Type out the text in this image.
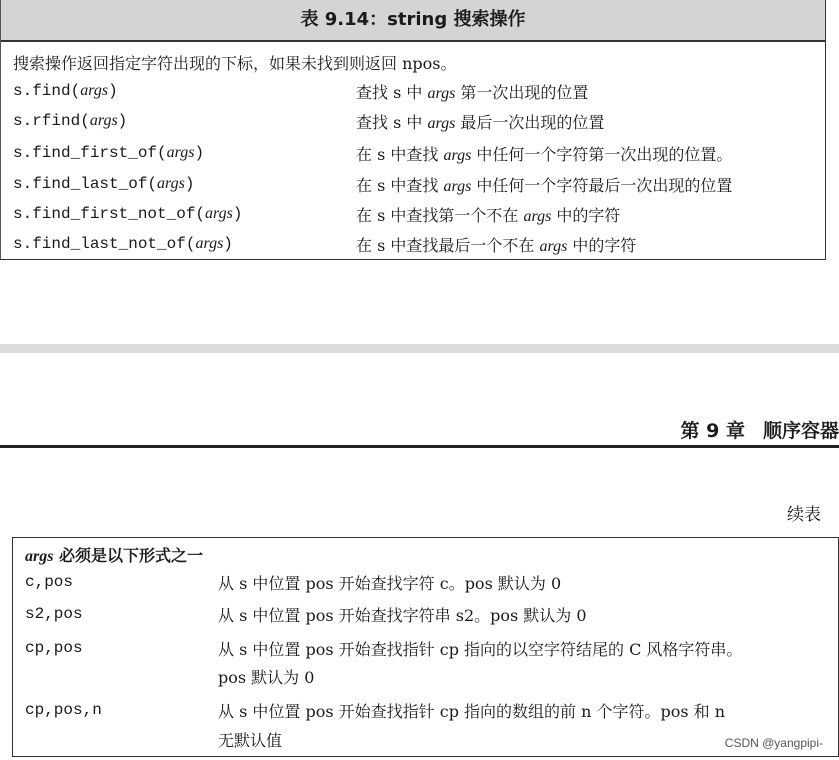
表 9.14：string 搜索操作
搜索操作返回指定字符出现的下标，如果未找到则返回 npos。
s.find(args)	查找 s 中 args 第一次出现的位置
s.rfind(args)	查找 s 中 args 最后一次出现的位置
s.find_first_of(args)	在 s 中查找 args 中任何一个字符第一次出现的位置。
s.find_last_of(args)	在 s 中查找 args 中任何一个字符最后一次出现的位置
s.find_first_not_of(args)	在 s 中查找第一个不在 args 中的字符
s.find_last_not_of(args)	在 s 中查找最后一个不在 args 中的字符
第 9 章 顺序容器
续表
args 必须是以下形式之一
c,pos	从 s 中位置 pos 开始查找字符 c。pos 默认为 0
s2,pos	从 s 中位置 pos 开始查找字符串 s2。pos 默认为 0
cp,pos	从 s 中位置 pos 开始查找指针 cp 指向的以空字符结尾的 C 风格字符串。
pos 默认为 0
cp,pos,n	从 s 中位置 pos 开始查找指针 cp 指向的数组的前 n 个字符。pos 和 n
无默认值	CSDN @yangpipi-
